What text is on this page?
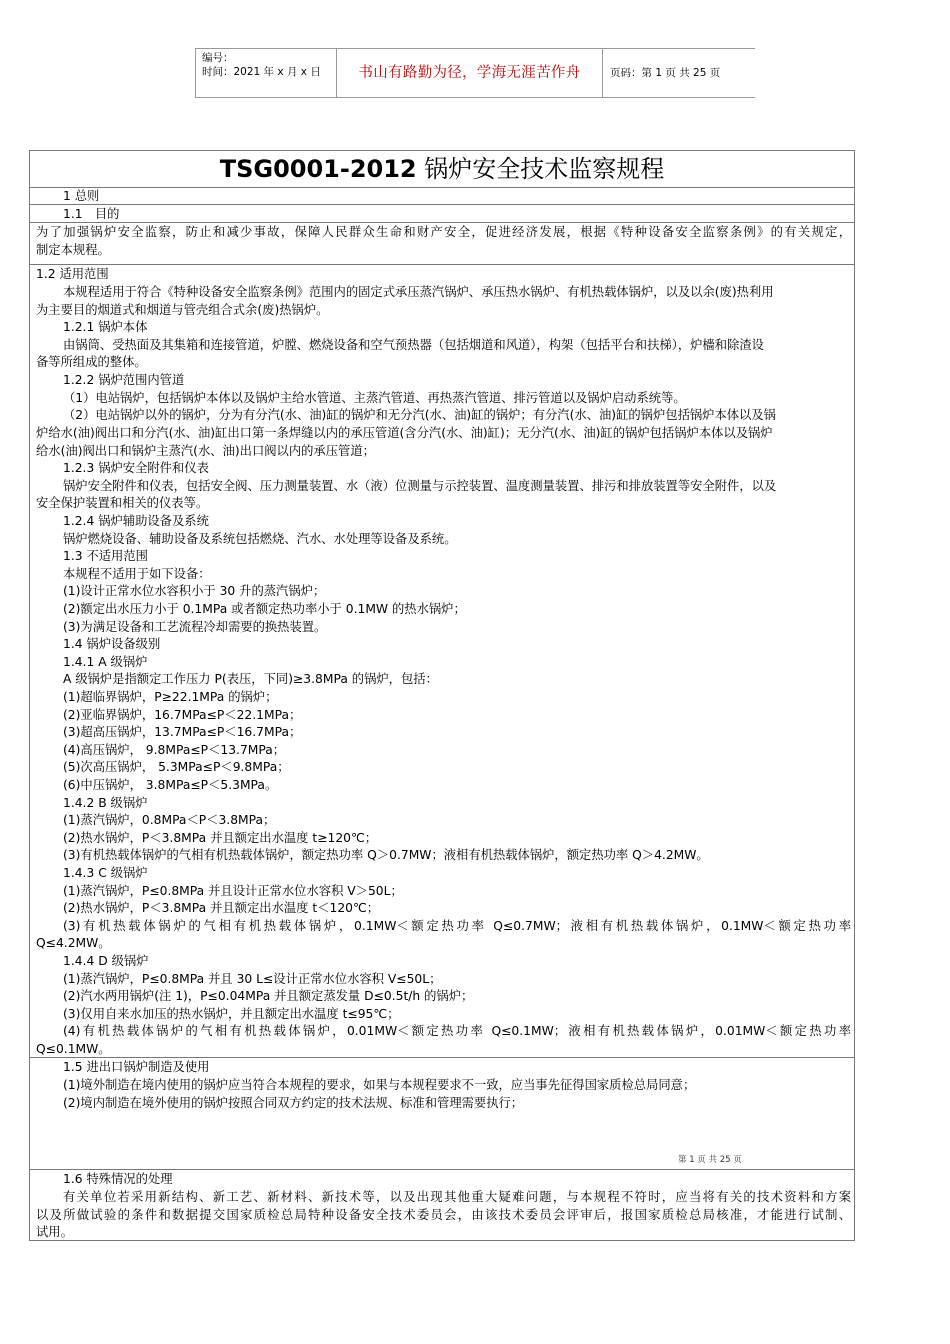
编号：
时间：2021 年 x 月 x 日	书山有路勤为径，学海无涯苦作舟	页码：第 1 页 共 25 页
TSG0001-2012 锅炉安全技术监察规程
1 总则
1.1　目的
为了加强锅炉安全监察，防止和减少事故，保障人民群众生命和财产安全，促进经济发展，根据《特种设备安全监察条例》的有关规定，
制定本规程。
1.2 适用范围
本规程适用于符合《特种设备安全监察条例》范围内的固定式承压蒸汽锅炉、承压热水锅炉、有机热载体锅炉，以及以余(废)热利用
为主要目的烟道式和烟道与管壳组合式余(废)热锅炉。
1.2.1 锅炉本体
由锅筒、受热面及其集箱和连接管道，炉膛、燃烧设备和空气预热器（包括烟道和风道），构架（包括平台和扶梯），炉檣和除渣设
备等所组成的整体。
1.2.2 锅炉范围内管道
（1）电站锅炉，包括锅炉本体以及锅炉主给水管道、主蒸汽管道、再热蒸汽管道、排污管道以及锅炉启动系统等。
（2）电站锅炉以外的锅炉，分为有分汽(水、油)缸的锅炉和无分汽(水、油)缸的锅炉；有分汽(水、油)缸的锅炉包括锅炉本体以及锅
炉给水(油)阀出口和分汽(水、油)缸出口第一条焊缝以内的承压管道(含分汽(水、油)缸)；无分汽(水、油)缸的锅炉包括锅炉本体以及锅炉
给水(油)阀出口和锅炉主蒸汽(水、油)出口阀以内的承压管道；
1.2.3 锅炉安全附件和仪表
锅炉安全附件和仪表，包括安全阀、压力测量装置、水（液）位测量与示控装置、温度测量装置、排污和排放装置等安全附件，以及
安全保护装置和相关的仪表等。
1.2.4 锅炉辅助设备及系统
锅炉燃烧设备、辅助设备及系统包括燃烧、汽水、水处理等设备及系统。
1.3 不适用范围
本规程不适用于如下设备：
(1)设计正常水位水容积小于 30 升的蒸汽锅炉；
(2)额定出水压力小于 0.1MPa 或者额定热功率小于 0.1MW 的热水锅炉；
(3)为满足设备和工艺流程冷却需要的换热装置。
1.4 锅炉设备级别
1.4.1 A 级锅炉
A 级锅炉是指额定工作压力 P(表压，下同)≥3.8MPa 的锅炉，包括：
(1)超临界锅炉，P≥22.1MPa 的锅炉；
(2)亚临界锅炉，16.7MPa≤P＜22.1MPa；
(3)超高压锅炉，13.7MPa≤P＜16.7MPa；
(4)高压锅炉， 9.8MPa≤P＜13.7MPa；
(5)次高压锅炉， 5.3MPa≤P＜9.8MPa；
(6)中压锅炉， 3.8MPa≤P＜5.3MPa。
1.4.2 B 级锅炉
(1)蒸汽锅炉，0.8MPa＜P＜3.8MPa；
(2)热水锅炉，P＜3.8MPa 并且额定出水温度 t≥120℃；
(3)有机热载体锅炉的气相有机热载体锅炉，额定热功率 Q＞0.7MW；液相有机热载体锅炉，额定热功率 Q＞4.2MW。
1.4.3 C 级锅炉
(1)蒸汽锅炉，P≤0.8MPa 并且设计正常水位水容积 V＞50L；
(2)热水锅炉，P＜3.8MPa 并且额定出水温度 t＜120℃；
(3)有机热载体锅炉的气相有机热载体锅炉，0.1MW＜额定热功率 Q≤0.7MW；液相有机热载体锅炉，0.1MW＜额定热功率
Q≤4.2MW。
1.4.4 D 级锅炉
(1)蒸汽锅炉，P≤0.8MPa 并且 30 L≤设计正常水位水容积 V≤50L；
(2)汽水两用锅炉(注 1)，P≤0.04MPa 并且额定蒸发量 D≤0.5t/h 的锅炉；
(3)仅用自来水加压的热水锅炉，并且额定出水温度 t≤95℃；
(4)有机热载体锅炉的气相有机热载体锅炉，0.01MW＜额定热功率 Q≤0.1MW；液相有机热载体锅炉，0.01MW＜额定热功率
Q≤0.1MW。
1.5 进出口锅炉制造及使用
(1)境外制造在境内使用的锅炉应当符合本规程的要求，如果与本规程要求不一致，应当事先征得国家质检总局同意；
(2)境内制造在境外使用的锅炉按照合同双方约定的技术法规、标准和管理需要执行；
1.6 特殊情况的处理
有关单位若采用新结构、新工艺、新材料、新技术等，以及出现其他重大疑难问题，与本规程不符时，应当将有关的技术资料和方案
以及所做试验的条件和数据提交国家质检总局特种设备安全技术委员会，由该技术委员会评审后，报国家质检总局核准，才能进行试制、
试用。
第 1 页 共 25 页
